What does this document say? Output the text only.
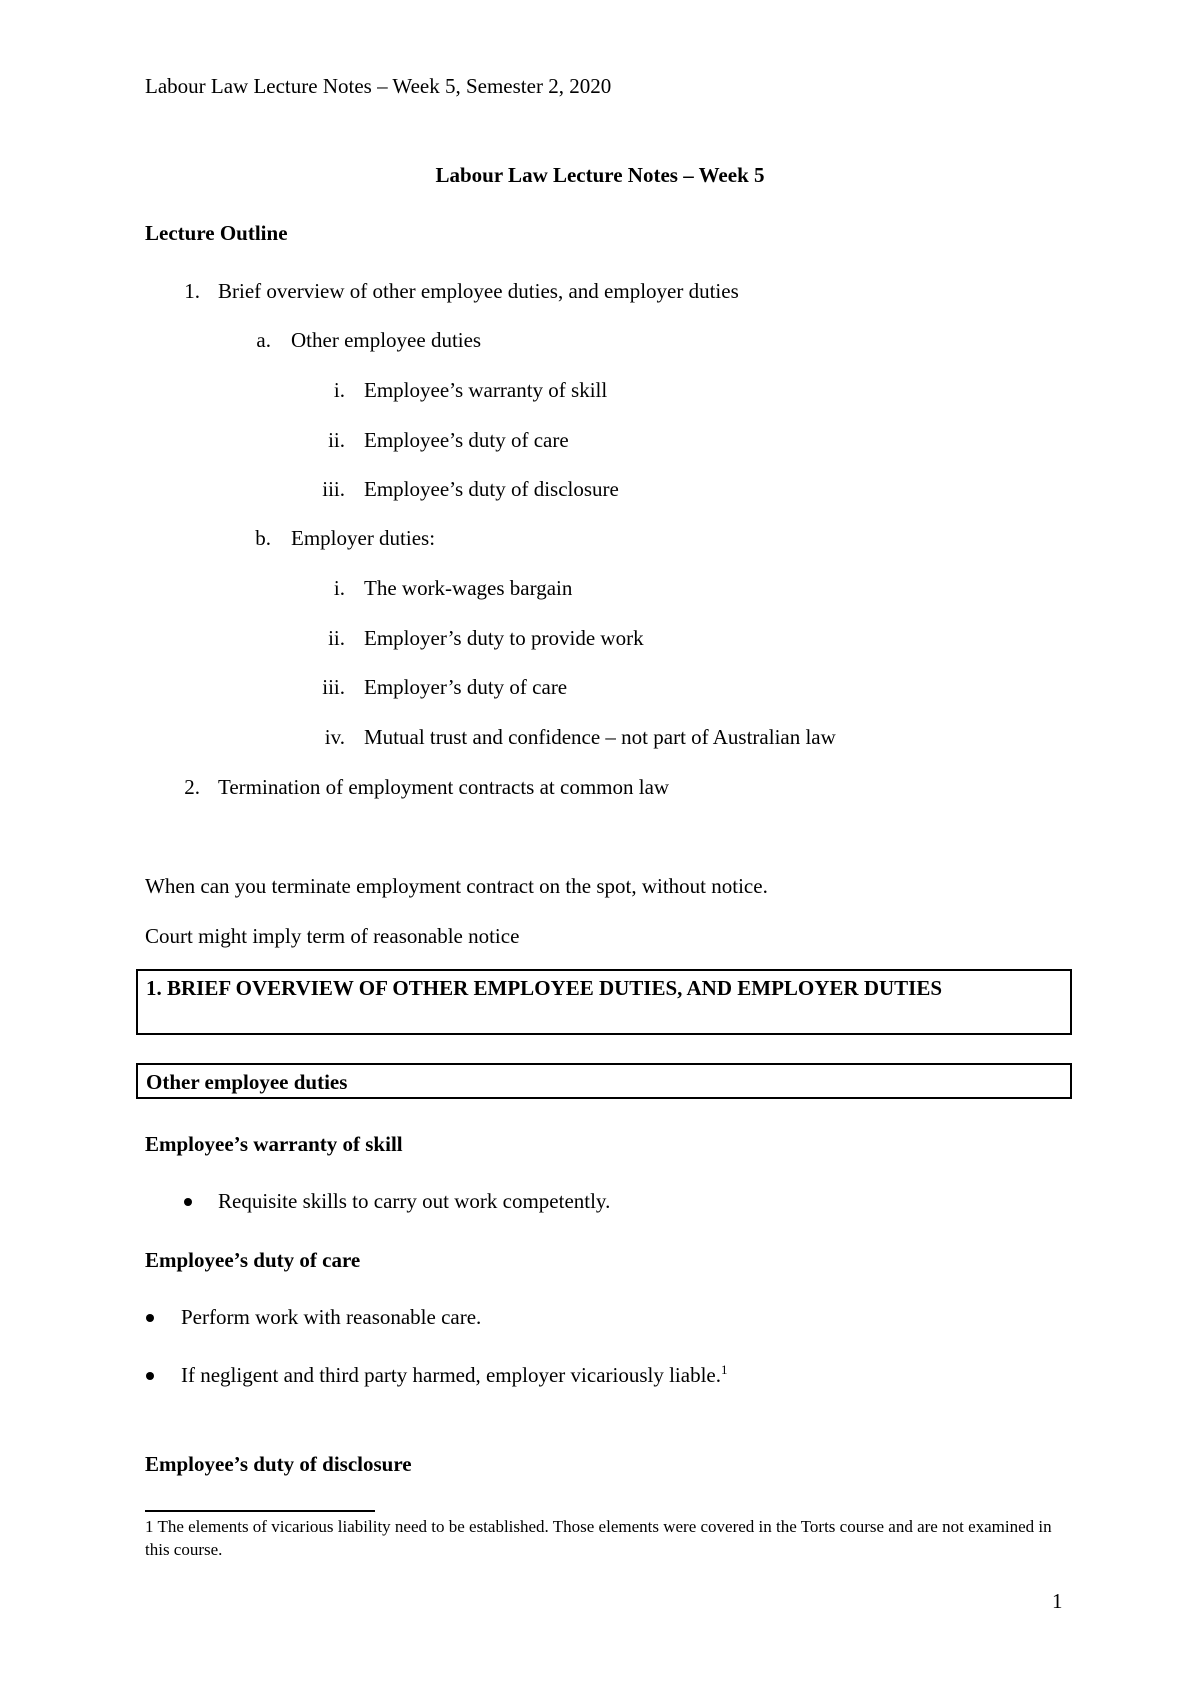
Labour Law Lecture Notes – Week 5, Semester 2, 2020
Labour Law Lecture Notes – Week 5
Lecture Outline
1. Brief overview of other employee duties, and employer duties
a. Other employee duties
i. Employee’s warranty of skill
ii. Employee’s duty of care
iii. Employee’s duty of disclosure
b. Employer duties:
i. The work-wages bargain
ii. Employer’s duty to provide work
iii. Employer’s duty of care
iv. Mutual trust and confidence – not part of Australian law
2. Termination of employment contracts at common law
When can you terminate employment contract on the spot, without notice.
Court might imply term of reasonable notice
1. BRIEF OVERVIEW OF OTHER EMPLOYEE DUTIES, AND EMPLOYER DUTIES
Other employee duties
Employee’s warranty of skill
Requisite skills to carry out work competently.
Employee’s duty of care
Perform work with reasonable care.
If negligent and third party harmed, employer vicariously liable.$^1$
Employee’s duty of disclosure
1 The elements of vicarious liability need to be established. Those elements were covered in the Torts course and are not examined in this course.
1
